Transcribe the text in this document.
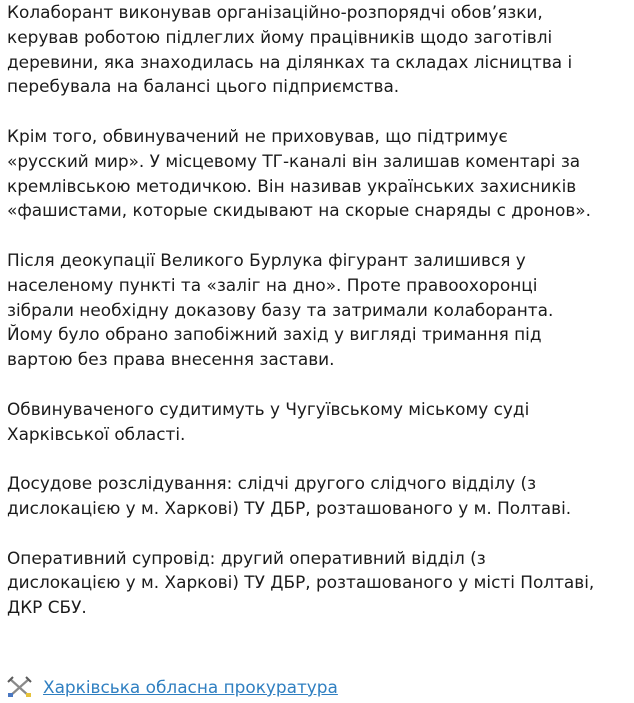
Колаборант виконував організаційно-розпорядчі обов’язки,
керував роботою підлеглих йому працівників щодо заготівлі
деревини, яка знаходилась на ділянках та складах лісництва і
перебувала на балансі цього підприємства.

Крім того, обвинувачений не приховував, що підтримує
«русский мир». У місцевому ТГ-каналі він залишав коментарі за
кремлівською методичкою. Він називав українських захисників
«фашистами, которые скидывают на скорые снаряды с дронов».

Після деокупації Великого Бурлука фігурант залишився у
населеному пункті та «заліг на дно». Проте правоохоронці
зібрали необхідну доказову базу та затримали колаборанта.
Йому було обрано запобіжний захід у вигляді тримання під
вартою без права внесення застави.

Обвинуваченого судитимуть у Чугуївському міському суді
Харківської області.

Досудове розслідування: слідчі другого слідчого відділу (з
дислокацією у м. Харкові) ТУ ДБР, розташованого у м. Полтаві.

Оперативний супровід: другий оперативний відділ (з
дислокацією у м. Харкові) ТУ ДБР, розташованого у місті Полтаві,
ДКР СБУ.

Харківська обласна прокуратура
